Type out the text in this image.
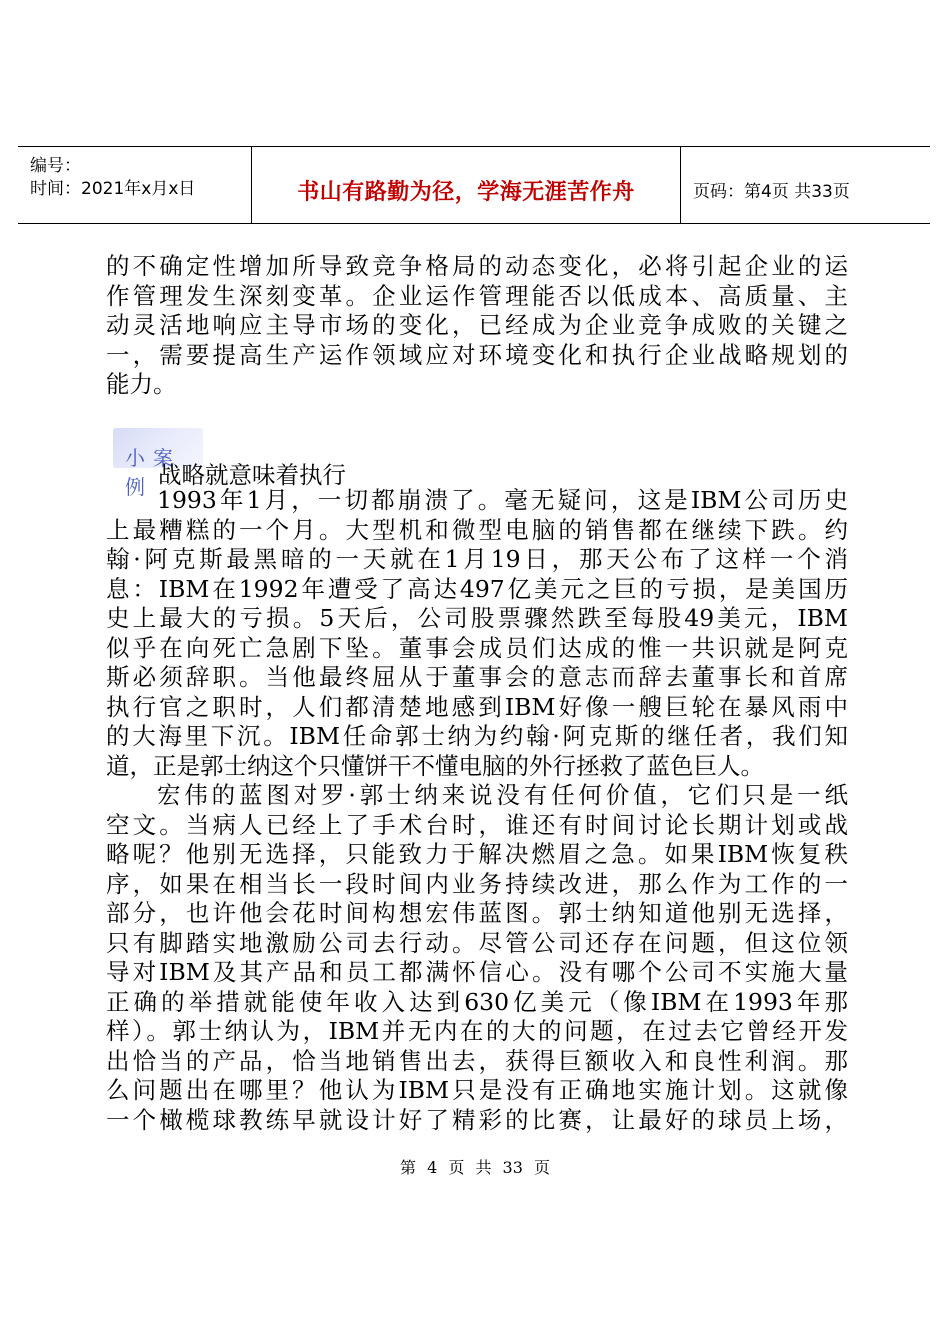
编号：
时间：2021年x月x日	书山有路勤为径，学海无涯苦作舟	页码：第4页 共33页
的不确定性增加所导致竞争格局的动态变化，必将引起企业的运
作管理发生深刻变革。企业运作管理能否以低成本、高质量、主
动灵活地响应主导市场的变化，已经成为企业竞争成败的关键之
一，需要提高生产运作领域应对环境变化和执行企业战略规划的
能力。
小案例 战略就意味着执行
1993年1月，一切都崩溃了。毫无疑问，这是IBM公司历史
上最糟糕的一个月。大型机和微型电脑的销售都在继续下跌。约
翰·阿克斯最黑暗的一天就在1月19日，那天公布了这样一个消
息：IBM在1992年遭受了高达497亿美元之巨的亏损，是美国历
史上最大的亏损。5天后，公司股票骤然跌至每股49美元，IBM
似乎在向死亡急剧下坠。董事会成员们达成的惟一共识就是阿克
斯必须辞职。当他最终屈从于董事会的意志而辞去董事长和首席
执行官之职时，人们都清楚地感到IBM好像一艘巨轮在暴风雨中
的大海里下沉。IBM任命郭士纳为约翰·阿克斯的继任者，我们知
道，正是郭士纳这个只懂饼干不懂电脑的外行拯救了蓝色巨人。
宏伟的蓝图对罗·郭士纳来说没有任何价值，它们只是一纸
空文。当病人已经上了手术台时，谁还有时间讨论长期计划或战
略呢？他别无选择，只能致力于解决燃眉之急。如果IBM恢复秩
序，如果在相当长一段时间内业务持续改进，那么作为工作的一
部分，也许他会花时间构想宏伟蓝图。郭士纳知道他别无选择，
只有脚踏实地激励公司去行动。尽管公司还存在问题，但这位领
导对IBM及其产品和员工都满怀信心。没有哪个公司不实施大量
正确的举措就能使年收入达到630亿美元（像IBM在1993年那
样）。郭士纳认为，IBM并无内在的大的问题，在过去它曾经开发
出恰当的产品，恰当地销售出去，获得巨额收入和良性利润。那
么问题出在哪里？他认为IBM只是没有正确地实施计划。这就像
一个橄榄球教练早就设计好了精彩的比赛，让最好的球员上场，
第 4 页 共 33 页
